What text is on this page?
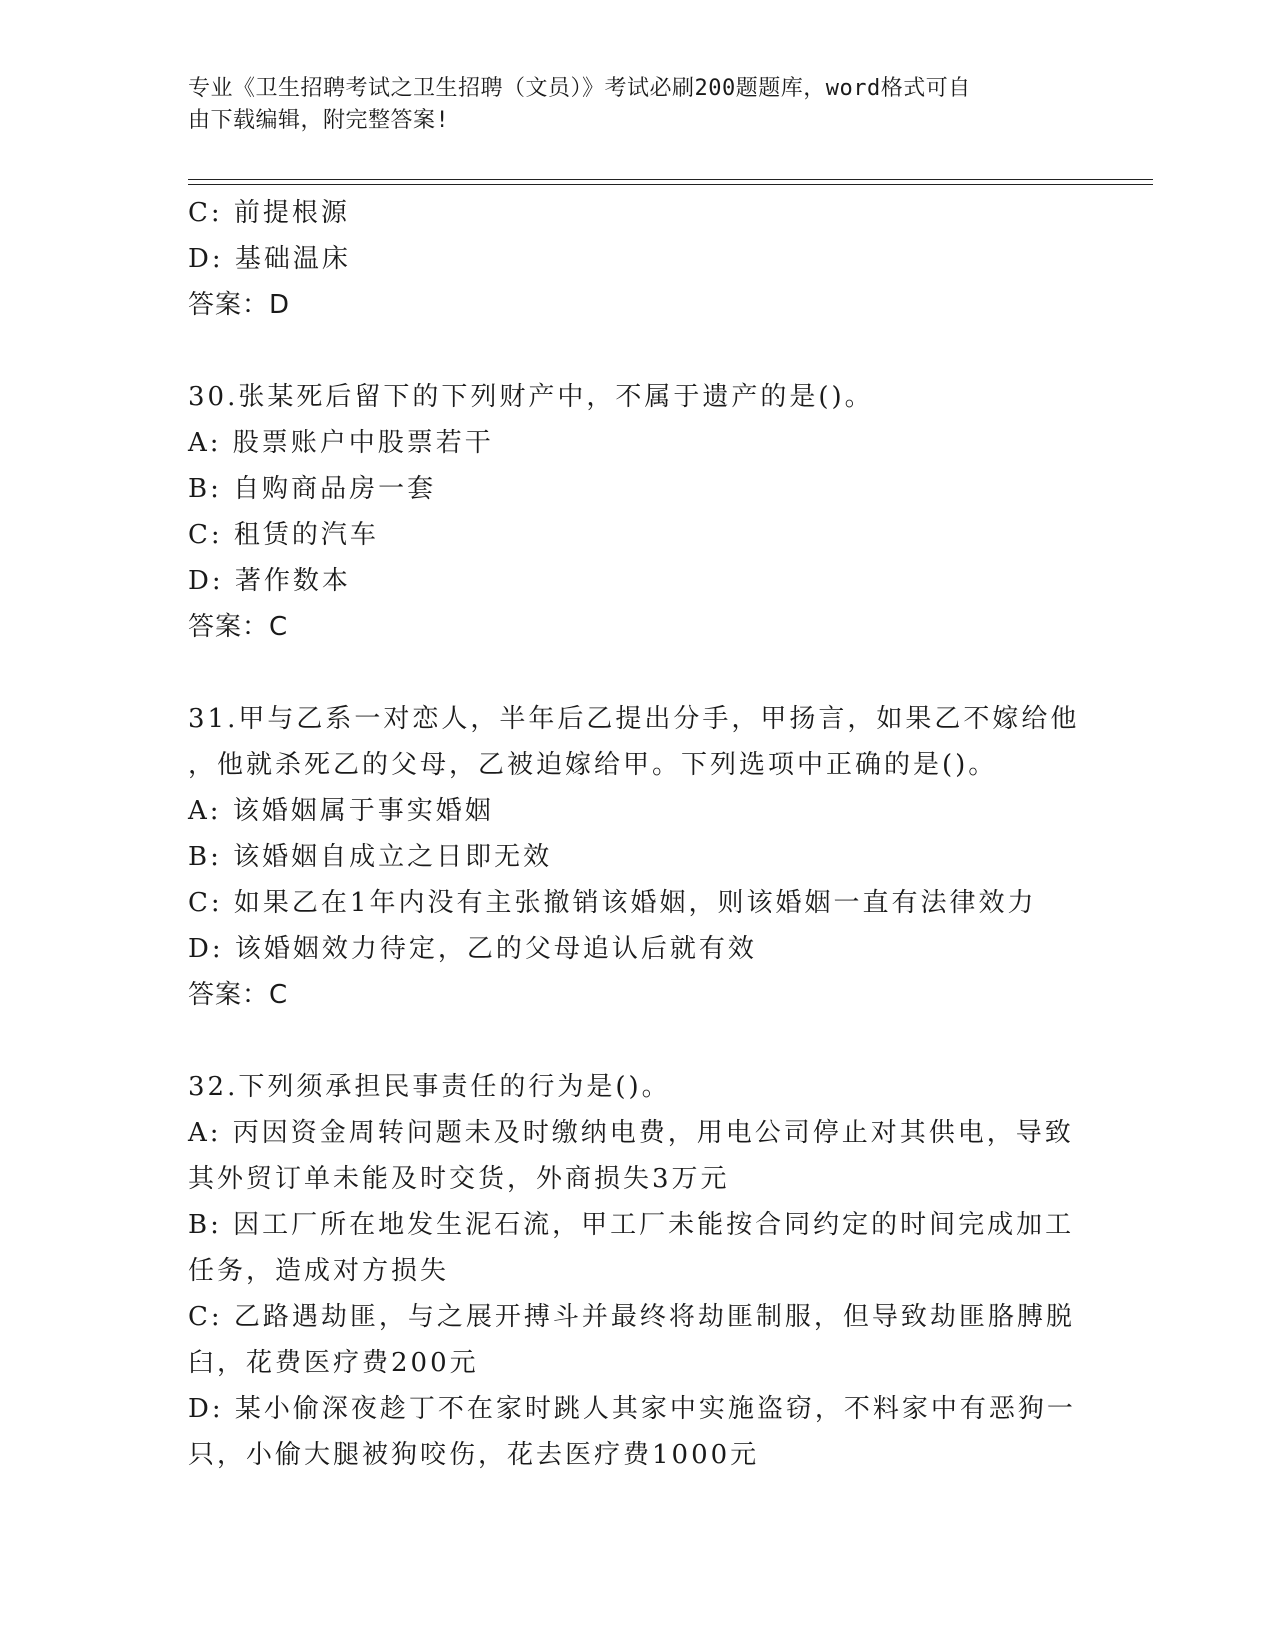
专业《卫生招聘考试之卫生招聘（文员）》考试必刷200题题库，word格式可自
由下载编辑，附完整答案!
C: 前提根源
D: 基础温床
答案：D
30.张某死后留下的下列财产中，不属于遗产的是()。
A: 股票账户中股票若干
B: 自购商品房一套
C: 租赁的汽车
D: 著作数本
答案：C
31.甲与乙系一对恋人，半年后乙提出分手，甲扬言，如果乙不嫁给他
，他就杀死乙的父母，乙被迫嫁给甲。下列选项中正确的是()。
A: 该婚姻属于事实婚姻
B: 该婚姻自成立之日即无效
C: 如果乙在1年内没有主张撤销该婚姻，则该婚姻一直有法律效力
D: 该婚姻效力待定，乙的父母追认后就有效
答案：C
32.下列须承担民事责任的行为是()。
A: 丙因资金周转问题未及时缴纳电费，用电公司停止对其供电，导致
其外贸订单未能及时交货，外商损失3万元
B: 因工厂所在地发生泥石流，甲工厂未能按合同约定的时间完成加工
任务，造成对方损失
C: 乙路遇劫匪，与之展开搏斗并最终将劫匪制服，但导致劫匪胳膊脱
臼，花费医疗费200元
D: 某小偷深夜趁丁不在家时跳人其家中实施盗窃，不料家中有恶狗一
只，小偷大腿被狗咬伤，花去医疗费1000元
